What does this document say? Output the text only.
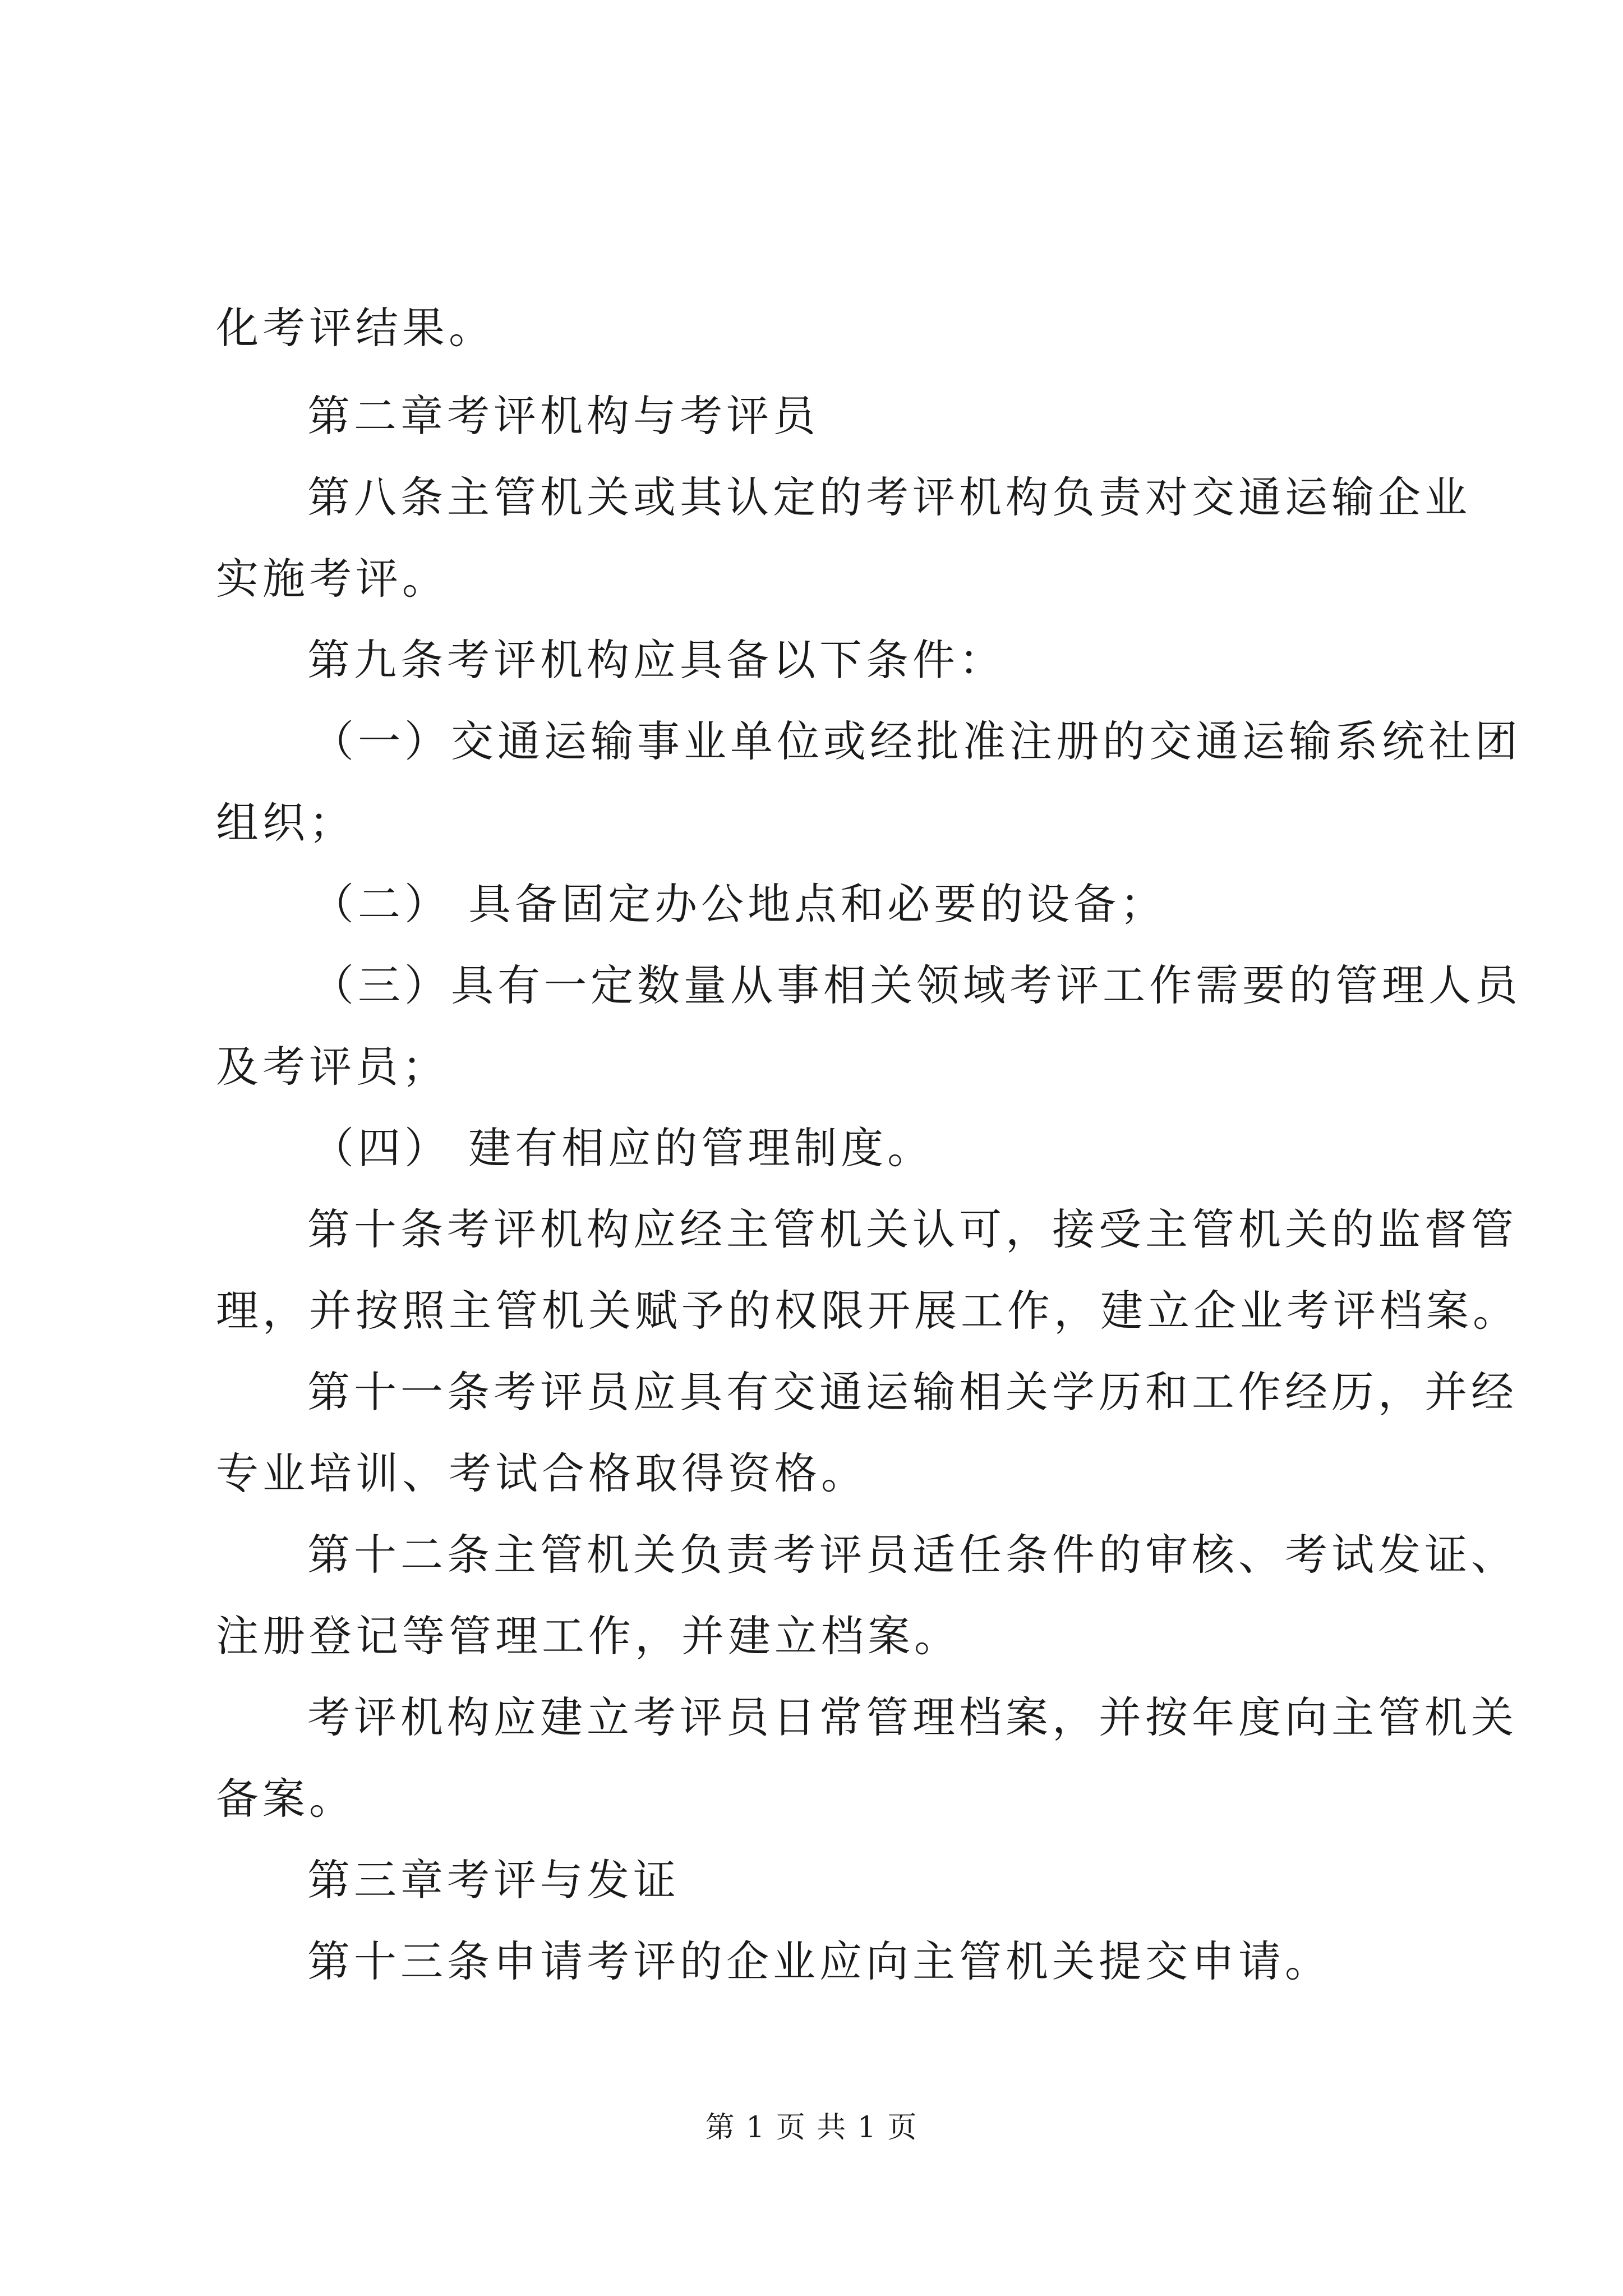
化考评结果。
第二章考评机构与考评员
第八条主管机关或其认定的考评机构负责对交通运输企业
实施考评。
第九条考评机构应具备以下条件：
（一）交通运输事业单位或经批准注册的交通运输系统社团
组织；
（二） 具备固定办公地点和必要的设备；
（三）具有一定数量从事相关领域考评工作需要的管理人员
及考评员；
（四） 建有相应的管理制度。
第十条考评机构应经主管机关认可，接受主管机关的监督管
理，并按照主管机关赋予的权限开展工作，建立企业考评档案。
第十一条考评员应具有交通运输相关学历和工作经历，并经
专业培训、考试合格取得资格。
第十二条主管机关负责考评员适任条件的审核、考试发证、
注册登记等管理工作，并建立档案。
考评机构应建立考评员日常管理档案，并按年度向主管机关
备案。
第三章考评与发证
第十三条申请考评的企业应向主管机关提交申请。
第 1 页 共 1 页
